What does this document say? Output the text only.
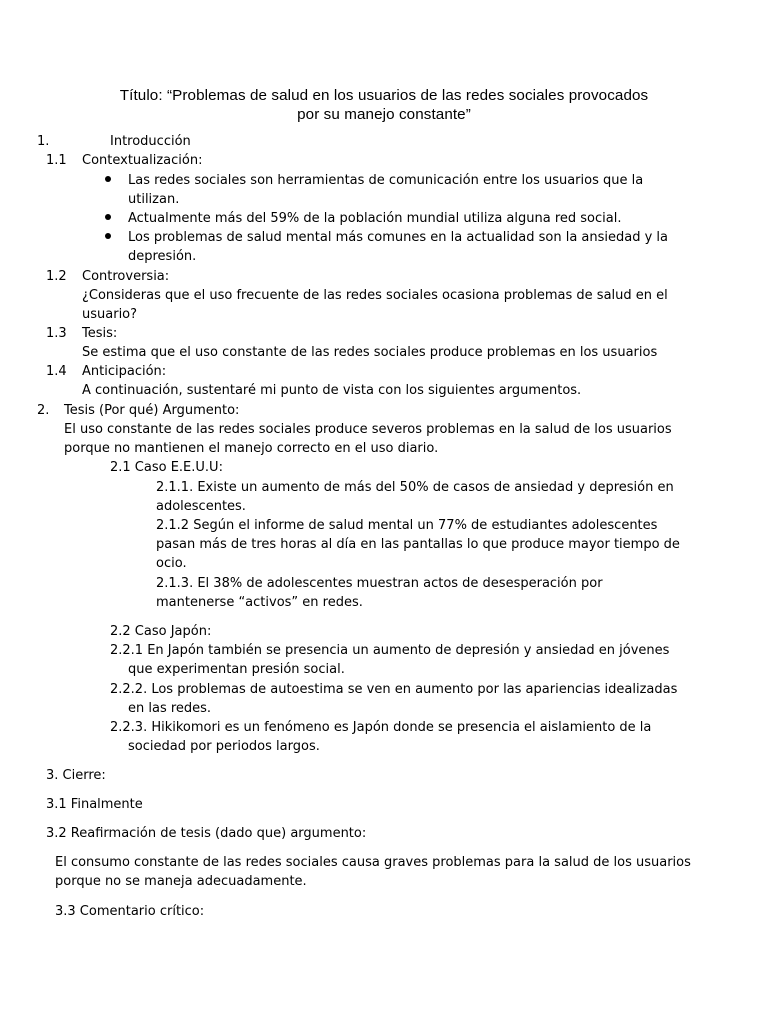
Título: “Problemas de salud en los usuarios de las redes sociales provocados
por su manejo constante”
1.	Introducción
1.1 Contextualización:
Las redes sociales son herramientas de comunicación entre los usuarios que la
utilizan.
Actualmente más del 59% de la población mundial utiliza alguna red social.
Los problemas de salud mental más comunes en la actualidad son la ansiedad y la
depresión.
1.2 Controversia:
¿Consideras que el uso frecuente de las redes sociales ocasiona problemas de salud en el
usuario?
1.3 Tesis:
Se estima que el uso constante de las redes sociales produce problemas en los usuarios
1.4 Anticipación:
A continuación, sustentaré mi punto de vista con los siguientes argumentos.
2. Tesis (Por qué) Argumento:
El uso constante de las redes sociales produce severos problemas en la salud de los usuarios
porque no mantienen el manejo correcto en el uso diario.
2.1 Caso E.E.U.U:
2.1.1. Existe un aumento de más del 50% de casos de ansiedad y depresión en
adolescentes.
2.1.2 Según el informe de salud mental un 77% de estudiantes adolescentes
pasan más de tres horas al día en las pantallas lo que produce mayor tiempo de
ocio.
2.1.3. El 38% de adolescentes muestran actos de desesperación por
mantenerse “activos” en redes.
2.2 Caso Japón:
2.2.1 En Japón también se presencia un aumento de depresión y ansiedad en jóvenes
que experimentan presión social.
2.2.2. Los problemas de autoestima se ven en aumento por las apariencias idealizadas
en las redes.
2.2.3. Hikikomori es un fenómeno es Japón donde se presencia el aislamiento de la
sociedad por periodos largos.
3. Cierre:
3.1 Finalmente
3.2 Reafirmación de tesis (dado que) argumento:
El consumo constante de las redes sociales causa graves problemas para la salud de los usuarios
porque no se maneja adecuadamente.
3.3 Comentario crítico:
